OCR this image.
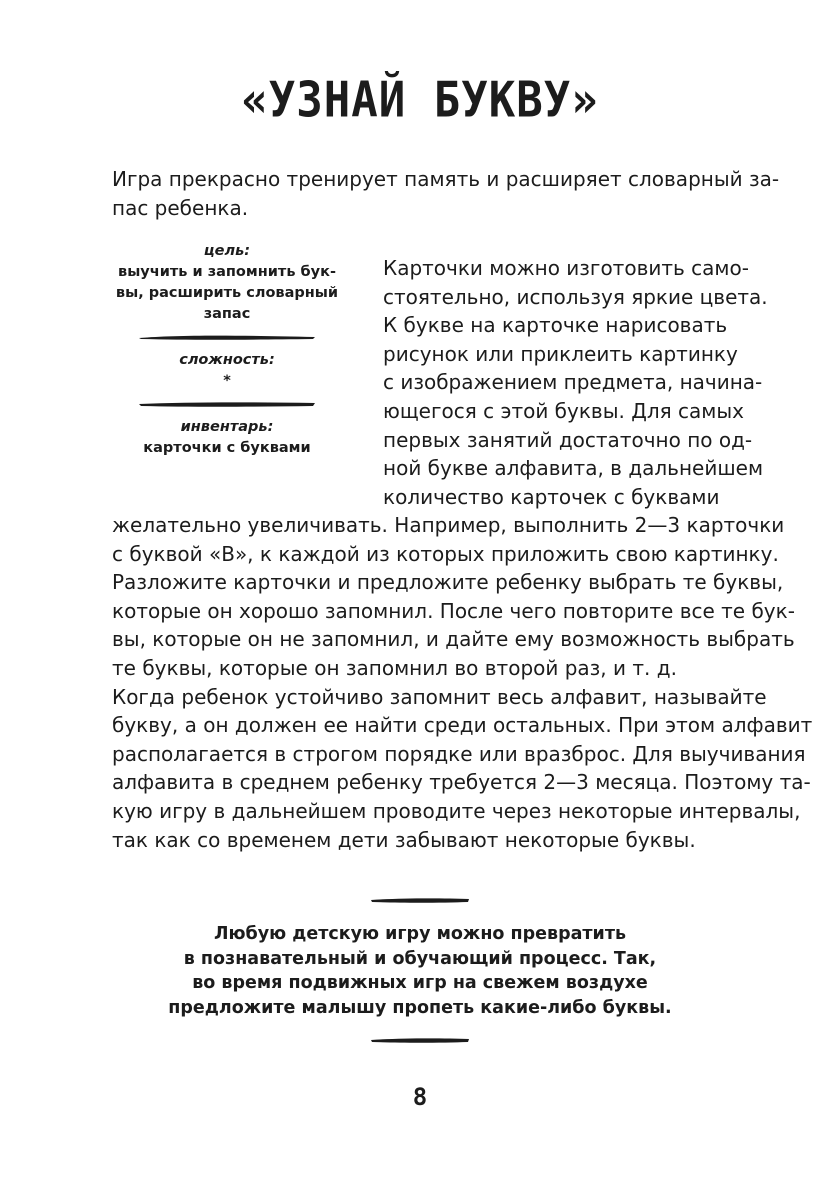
«УЗНАЙ БУКВУ»

Игра прекрасно тренирует память и расширяет словарный за-
пас ребенка.

цель:

выучить и запомнить бук-
вы, расширить словарный
запас

сложность:

*

инвентарь:

карточки с буквами

Карточки можно изготовить само-
стоятельно, используя яркие цвета.
К букве на карточке нарисовать
рисунок или приклеить картинку
с изображением предмета, начина-
ющегося с этой буквы. Для самых
первых занятий достаточно по од-
ной букве алфавита, в дальнейшем
количество карточек с буквами

желательно увеличивать. Например, выполнить 2—3 карточки
с буквой «В», к каждой из которых приложить свою картинку.
Разложите карточки и предложите ребенку выбрать те буквы,
которые он хорошо запомнил. После чего повторите все те бук-
вы, которые он не запомнил, и дайте ему возможность выбрать
те буквы, которые он запомнил во второй раз, и т. д.
Когда ребенок устойчиво запомнит весь алфавит, называйте
букву, а он должен ее найти среди остальных. При этом алфавит
располагается в строгом порядке или вразброс. Для выучивания
алфавита в среднем ребенку требуется 2—3 месяца. Поэтому та-
кую игру в дальнейшем проводите через некоторые интервалы,
так как со временем дети забывают некоторые буквы.

Любую детскую игру можно превратить
в познавательный и обучающий процесс. Так,
во время подвижных игр на свежем воздухе
предложите малышу пропеть какие-либо буквы.

8
